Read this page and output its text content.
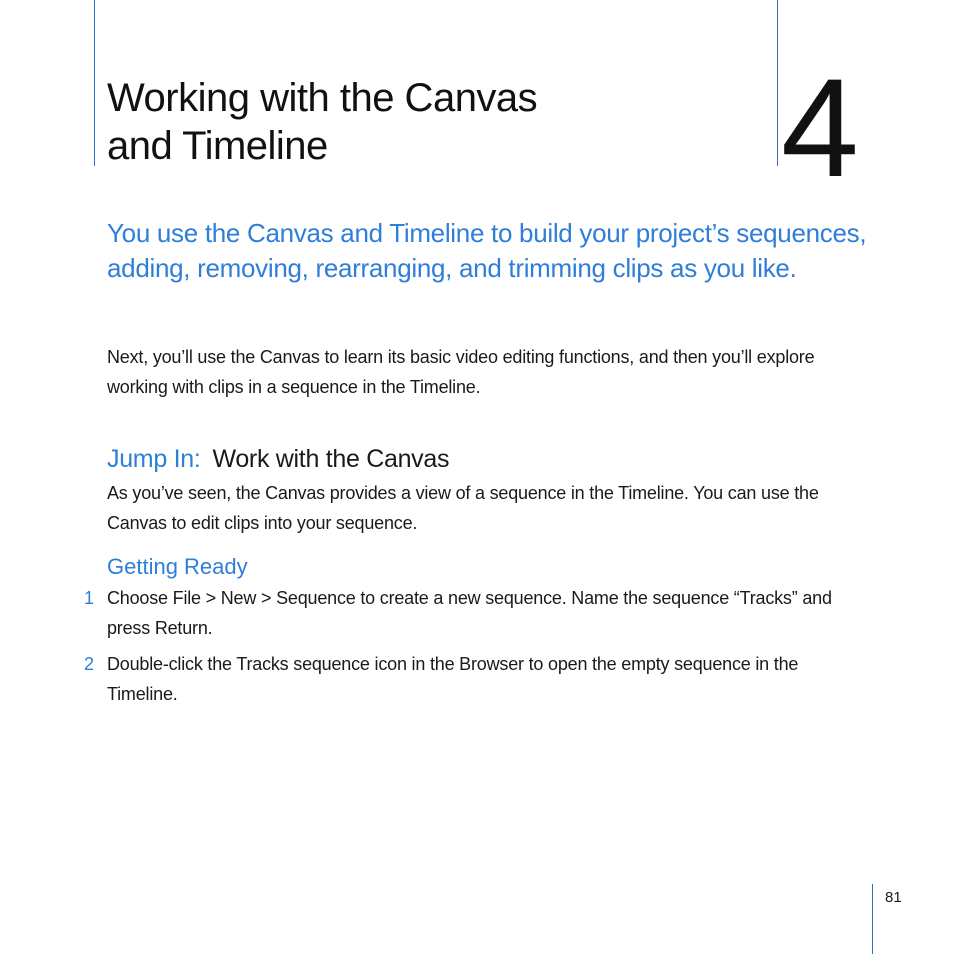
Working with the Canvas
and Timeline	4

You use the Canvas and Timeline to build your project’s sequences, adding, removing, rearranging, and trimming clips as you like.

Next, you’ll use the Canvas to learn its basic video editing functions, and then you’ll explore working with clips in a sequence in the Timeline.

Jump In: Work with the Canvas

As you’ve seen, the Canvas provides a view of a sequence in the Timeline. You can use the Canvas to edit clips into your sequence.

Getting Ready
1 Choose File > New > Sequence to create a new sequence. Name the sequence “Tracks” and press Return.
2 Double-click the Tracks sequence icon in the Browser to open the empty sequence in the Timeline.
81
